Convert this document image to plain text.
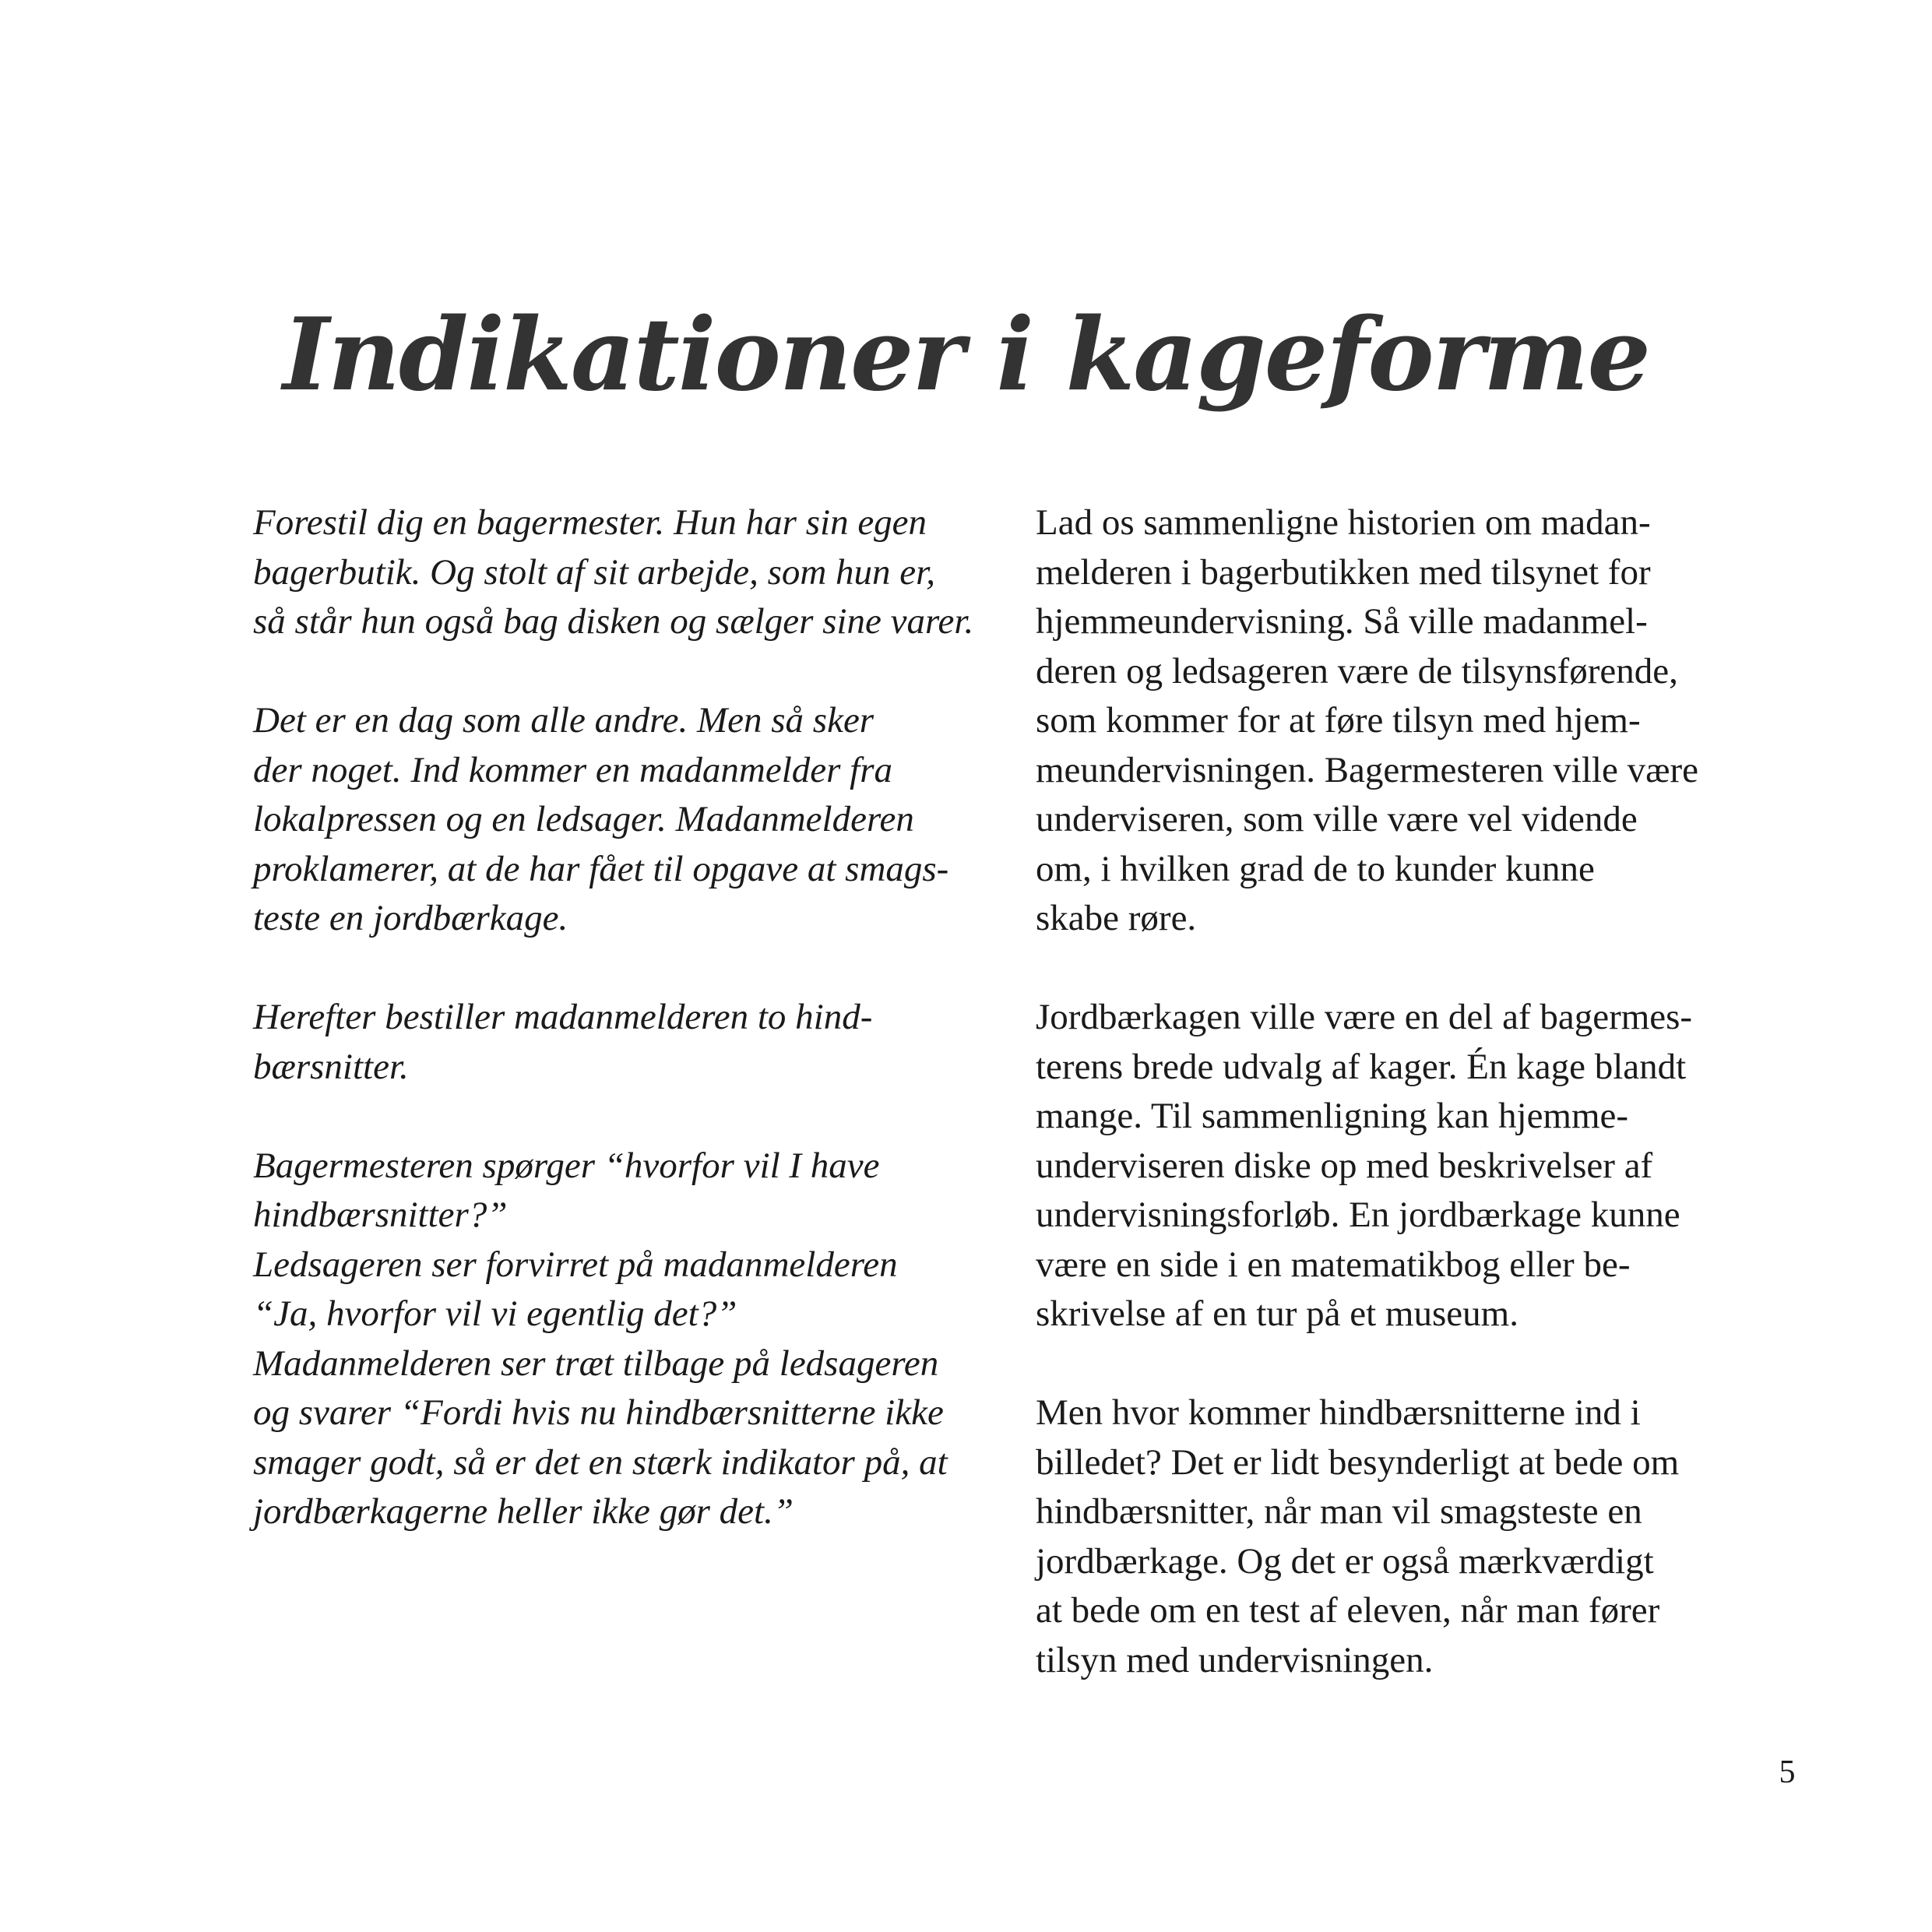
Indikationer i kageforme

Forestil dig en bagermester. Hun har sin egen
bagerbutik. Og stolt af sit arbejde, som hun er,
så står hun også bag disken og sælger sine varer.

Det er en dag som alle andre. Men så sker
der noget. Ind kommer en madanmelder fra
lokalpressen og en ledsager. Madanmelderen
proklamerer, at de har fået til opgave at smags-
teste en jordbærkage.

Herefter bestiller madanmelderen to hind-
bærsnitter.

Bagermesteren spørger “hvorfor vil I have
hindbærsnitter?”
Ledsageren ser forvirret på madanmelderen
“Ja, hvorfor vil vi egentlig det?”
Madanmelderen ser træt tilbage på ledsageren
og svarer “Fordi hvis nu hindbærsnitterne ikke
smager godt, så er det en stærk indikator på, at
jordbærkagerne heller ikke gør det.”

Lad os sammenligne historien om madan-
melderen i bagerbutikken med tilsynet for
hjemmeundervisning. Så ville madanmel-
deren og ledsageren være de tilsynsførende,
som kommer for at føre tilsyn med hjem-
meundervisningen. Bagermesteren ville være
underviseren, som ville være vel vidende
om, i hvilken grad de to kunder kunne
skabe røre.

Jordbærkagen ville være en del af bagermes-
terens brede udvalg af kager. Én kage blandt
mange. Til sammenligning kan hjemme-
underviseren diske op med beskrivelser af
undervisningsforløb. En jordbærkage kunne
være en side i en matematikbog eller be-
skrivelse af en tur på et museum.

Men hvor kommer hindbærsnitterne ind i
billedet? Det er lidt besynderligt at bede om
hindbærsnitter, når man vil smagsteste en
jordbærkage. Og det er også mærkværdigt
at bede om en test af eleven, når man fører
tilsyn med undervisningen.

5
